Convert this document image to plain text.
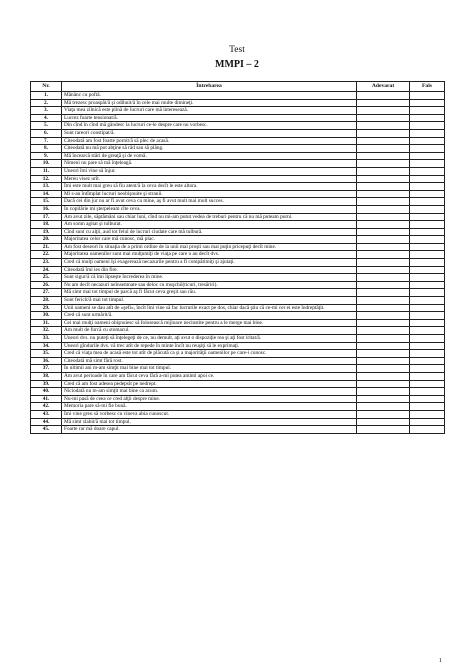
Test
MMPI – 2
Nr.	Întrebarea	Adevarat	Fals
1.	Mănânc cu poftă.		
2.	Mă trezesc proaspăt/ă şi odihnit/ă în cele mai multe dimineţi.		
3.	Viaţa mea zilnică este plină de lucruri care mă interesează.		
4.	Lucrez foarte tensionat/ă.		
5.	Din cînd în cînd mă gândesc la lucruri ce-le despre care nu vorbesc.		
6.	Sunt rareori constipat/ă.		
7.	Citeodată am fost foarte pornit/ă să plec de acasă.		
8.	Citeodată nu mă pot abţine să râd sau să plâng.		
9.	Mă încearcă stări de greaţă şi de vomă.		
10.	Nimeni nu pare să mă înţeleagă.		
11.	Uneori îmi vine să înjur.		
12.	Mereu visez urît.		
13.	Îmi este mult mai greu să fiu atent/ă la ceva decît le este altora.		
14.	Mi s-au întîmplat lucruri neobişnuite şi stranii.		
15.	Dacă cei din jur nu ar fi avut ceva cu mine, aş fi avut mult mai mult succes.		
16.	În copilărie mi şterpeleam cîte ceva.		
17.	Am avut zile, săptămâni sau chiar luni, cînd nu mi-am putut vedea de treburi pentru că nu mă puteam porni.		
18.	Am somn agitat şi tulburat.		
19.	Cînd sunt cu alţii, aud tot felul de lucruri ciudate care mă tulbură.		
20.	Majoritatea celor care mă cunosc, mă plac.		
21.	Am fost deseori în situaţia de a primi ordine de la unii mai proşti sau mai puţin pricepuţi decît mine.		
22.	Majoritatea oamenilor sunt mai mulţumiţi de viaţa pe care o au decît dvs.		
23.	Cred că mulţi oameni îşi exagerează necazurile pentru a fi compătimiţi şi ajutaţi.		
24.	Citeodată îmi ies din fire.		
25.	Sunt sigur/ă că îmi lipseşte încrederea în mine.		
26.	Nu am decît necazuri neînsemnate sau deloc cu muşchii(ticuri, tresăriri).		
27.	Mă simt mai tot timpul de parcă aş fi făcut ceva greşit sau rău.		
28.	Sunt fericit/ă mai tot timpul.		
29.	Unii oameni se dau atît de «şefi», încît îmi vine să fac lucrurile exact pe dos, chiar dacă ştiu că ce-mi cer ei este îndreptăţit.		
30.	Cred că sunt urmărit/ă.		
31.	Cei mai mulţi oameni obişnuiesc să folosească mijloace necinstite pentru a le merge mai bine.		
32.	Am mult de furcă cu stomacul.		
33.	Uneori dvs. nu puteţi să înţelegeţi de ce, nu demult, aţi avut o dispoziţie rea şi aţi fost iritat/ă.		
34.	Uneori gîndurile dvs. vă trec atît de repede în minte încît nu reuşiţi să le exprimaţi.		
35.	Cred că viaţa mea de acasă este tot atît de plăcută ca şi a majorităţii oamenilor pe care-i cunosc.		
36.	Citeodată mă simt fără rost.		
37.	În ultimii ani m-am simţit mai bine mai tot timpul.		
38.	Am avut perioade în care am făcut ceva fără a-mi putea aminti apoi ce.		
39.	Cred că am fost adesea pedepsit pe nedrept.		
40.	Niciodată nu m-am simţit mai bine ca acum.		
41.	Nu-mi pasă de ceea ce cred alţii despre mine.		
42.	Memoria pare să-mi fie bună.		
43.	Îmi vine greu să vorbesc cu cineva abia cunoscut.		
44.	Mă simt slabit/ă mai tot timpul.		
45.	Foarte rar mă doare capul.		
1
